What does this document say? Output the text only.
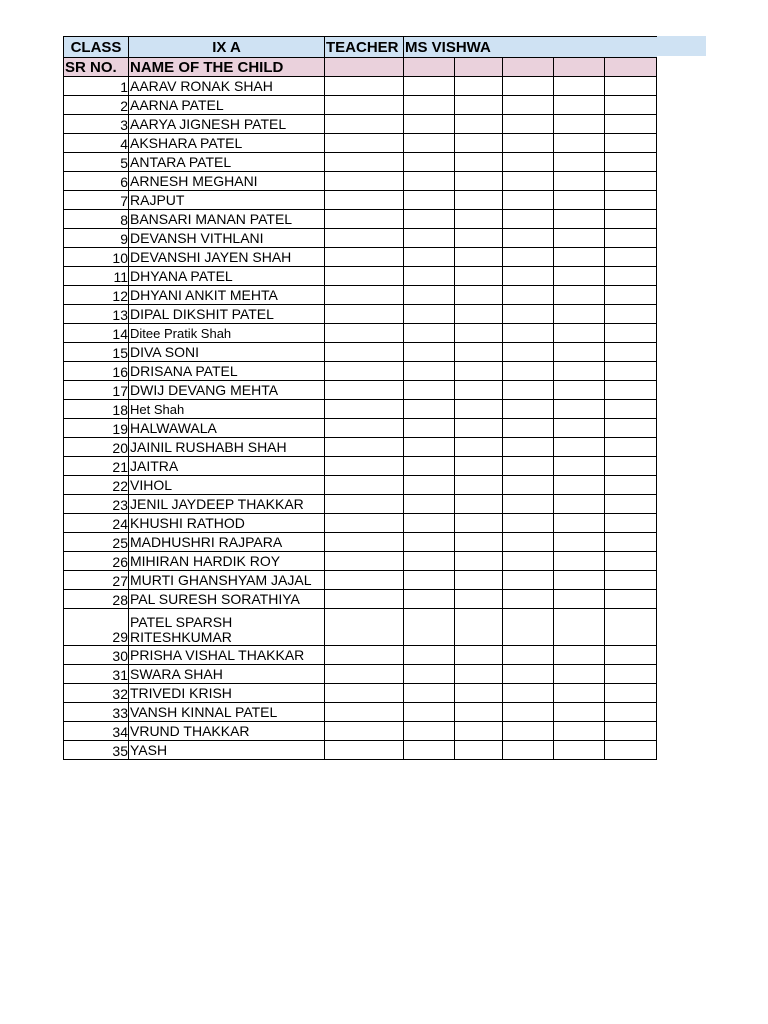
CLASS	IX A	TEACHER	MS VISHWA				
SR NO.	NAME OF THE CHILD						
1	AARAV RONAK SHAH						
2	AARNA PATEL						
3	AARYA JIGNESH PATEL						
4	AKSHARA PATEL						
5	ANTARA PATEL						
6	ARNESH MEGHANI						
7	RAJPUT						
8	BANSARI MANAN PATEL						
9	DEVANSH VITHLANI						
10	DEVANSHI JAYEN SHAH						
11	DHYANA PATEL						
12	DHYANI ANKIT MEHTA						
13	DIPAL DIKSHIT PATEL						
14	Ditee Pratik Shah						
15	DIVA SONI						
16	DRISANA PATEL						
17	DWIJ DEVANG MEHTA						
18	Het Shah						
19	HALWAWALA						
20	JAINIL RUSHABH SHAH						
21	JAITRA						
22	VIHOL						
23	JENIL JAYDEEP THAKKAR						
24	KHUSHI RATHOD						
25	MADHUSHRI RAJPARA						
26	MIHIRAN HARDIK ROY						
27	MURTI GHANSHYAM JAJAL						
28	PAL SURESH SORATHIYA						
29	PATEL SPARSH RITESHKUMAR						
30	PRISHA VISHAL THAKKAR						
31	SWARA SHAH						
32	TRIVEDI KRISH						
33	VANSH KINNAL PATEL						
34	VRUND THAKKAR						
35	YASH						
